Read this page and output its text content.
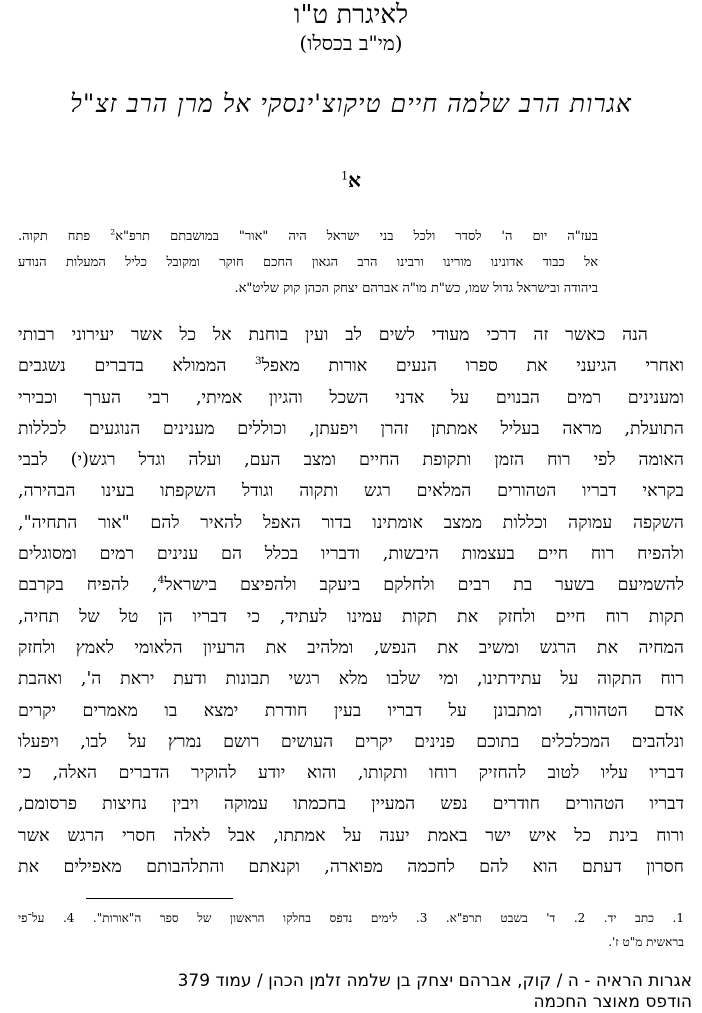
לאיגרת ט"ו
(מי"ב בכסלו)
אגרות הרב שלמה חיים טיקוצ'ינסקי אל מרן הרב זצ"ל
א$^1$
בעז"ה יום ה' לסדר ולכל בני ישראל היה "אור" במושבתם תרפ"א$^2$ פתח תקוה.
אל כבוד אדונינו מורינו ורבינו הרב הגאון החכם חוקר ומקובל כליל המעלות הנודע
ביהודה ובישראל גדול שמו, כש"ת מו"ה אברהם יצחק הכהן קוק שליט"א.
הנה כאשר זה דרכי מעודי לשים לב ועין בוחנת אל כל אשר יעירוני רבותי
ואחרי הגיעני את ספרו הנעים אורות מאפל$^3$ הממולא בדברים נשגבים
ומענינים רמים הבנוים על אדני השכל והגיון אמיתי, רבי הערך וכבירי
התועלת, מראה בעליל אמתתן זהרן ויפעתן, וכוללים מענינים הנוגעים לכללות
האומה לפי רוח הזמן ותקופת החיים ומצב העם, ועלה וגדל רגש(י) לבבי
בקראי דבריו הטהורים המלאים רגש ותקוה וגודל השקפתו בעינו הבהירה,
השקפה עמוקה וכללות ממצב אומתינו בדור האפל להאיר להם "אור התחיה",
ולהפיח רוח חיים בעצמות היבשות, ודבריו בכלל הם ענינים רמים ומסוגלים
להשמיעם בשער בת רבים ולחלקם ביעקב ולהפיצם בישראל$^4$, להפיח בקרבם
תקות רוח חיים ולחזק את תקות עמינו לעתיד, כי דבריו הן טל של תחיה,
המחיה את הרגש ומשיב את הנפש, ומלהיב את הרעיון הלאומי לאמץ ולחזק
רוח התקוה על עתידתינו, ומי שלבו מלא רגשי תבונות ודעת יראת ה', ואהבת
אדם הטהורה, ומתבונן על דבריו בעין חודרת ימצא בו מאמרים יקרים
ונלהבים המכלכלים בתוכם פנינים יקרים העושים רושם נמרץ על לבו, ויפעלו
דבריו עליו לטוב להחזיק רוחו ותקותו, והוא יודע להוקיר הדברים האלה, כי
דבריו הטהורים חודרים נפש המעיין בחכמתו עמוקה ויבין נחיצות פרסומם,
ורוח בינת כל איש ישר באמת יענה על אמתתו, אבל לאלה חסרי הרגש אשר
חסרון דעתם הוא להם לחכמה מפוארה, וקנאתם והתלהבותם מאפילים את
1. כתב יד. 2. ד' בשבט תרפ"א. 3. לימים נדפס בחלקו הראשון של ספר ה"אורות". 4. על־פי
בראשית מ"ט ז'.
אגרות הראיה - ה / קוק, אברהם יצחק בן שלמה זלמן הכהן / עמוד 379
הודפס מאוצר החכמה
